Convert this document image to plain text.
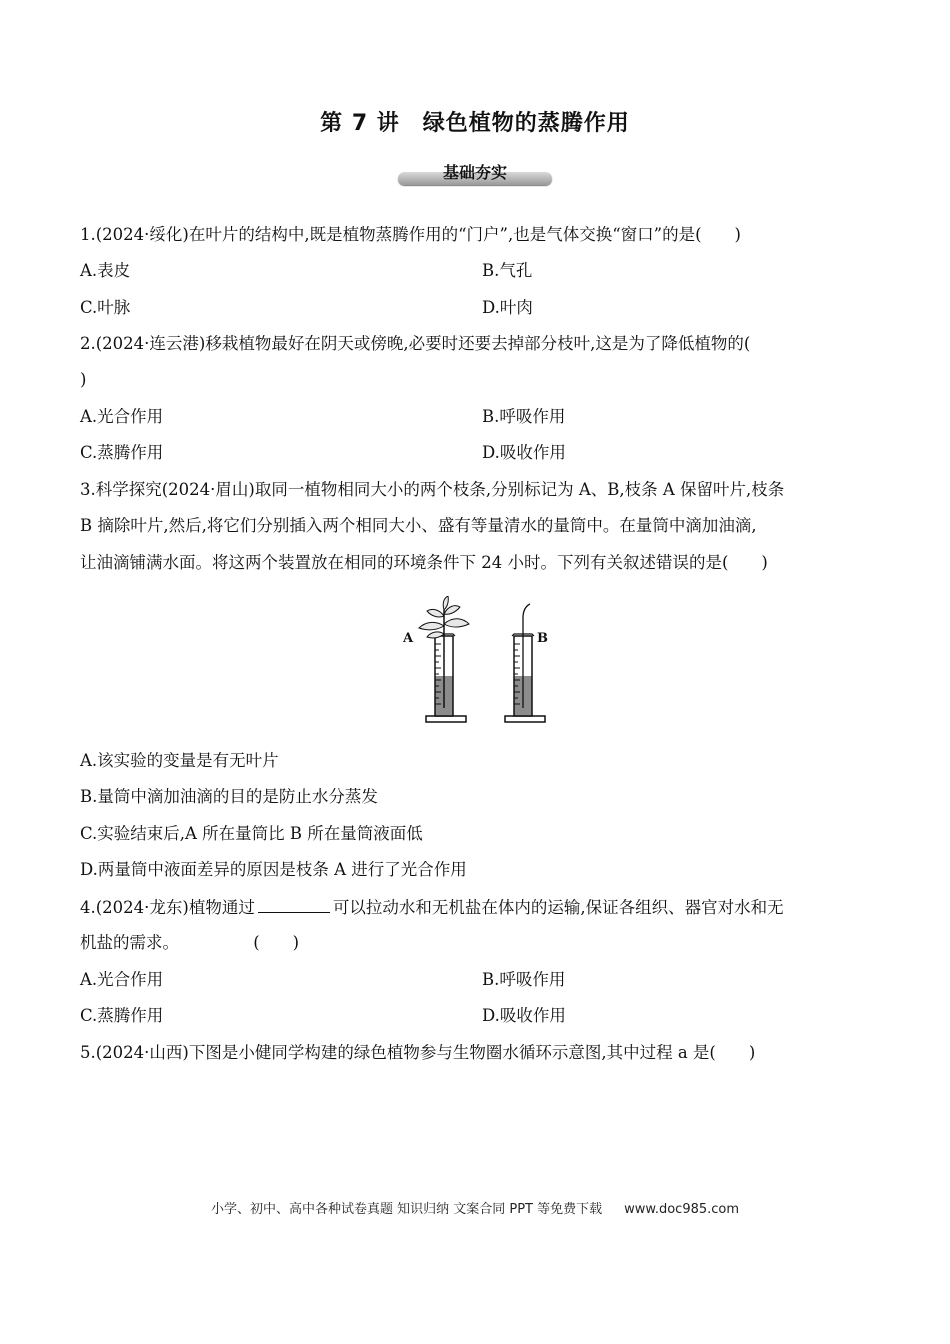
第 7 讲　绿色植物的蒸腾作用
基础夯实
1.(2024·绥化)在叶片的结构中,既是植物蒸腾作用的“门户”,也是气体交换“窗口”的是(　　)
A.表皮	B.气孔
C.叶脉	D.叶肉
2.(2024·连云港)移栽植物最好在阴天或傍晚,必要时还要去掉部分枝叶,这是为了降低植物的(
)
A.光合作用	B.呼吸作用
C.蒸腾作用	D.吸收作用
3.科学探究(2024·眉山)取同一植物相同大小的两个枝条,分别标记为 A、B,枝条 A 保留叶片,枝条
B 摘除叶片,然后,将它们分别插入两个相同大小、盛有等量清水的量筒中。在量筒中滴加油滴,
让油滴铺满水面。将这两个装置放在相同的环境条件下 24 小时。下列有关叙述错误的是(　　)
A	B
A.该实验的变量是有无叶片
B.量筒中滴加油滴的目的是防止水分蒸发
C.实验结束后,A 所在量筒比 B 所在量筒液面低
D.两量筒中液面差异的原因是枝条 A 进行了光合作用
4.(2024·龙东)植物通过	可以拉动水和无机盐在体内的运输,保证各组织、器官对水和无
机盐的需求。　　　　　(　　)
A.光合作用	B.呼吸作用
C.蒸腾作用	D.吸收作用
5.(2024·山西)下图是小健同学构建的绿色植物参与生物圈水循环示意图,其中过程 a 是(　　)
小学、初中、高中各种试卷真题 知识归纳 文案合同 PPT 等免费下载 www.doc985.com
